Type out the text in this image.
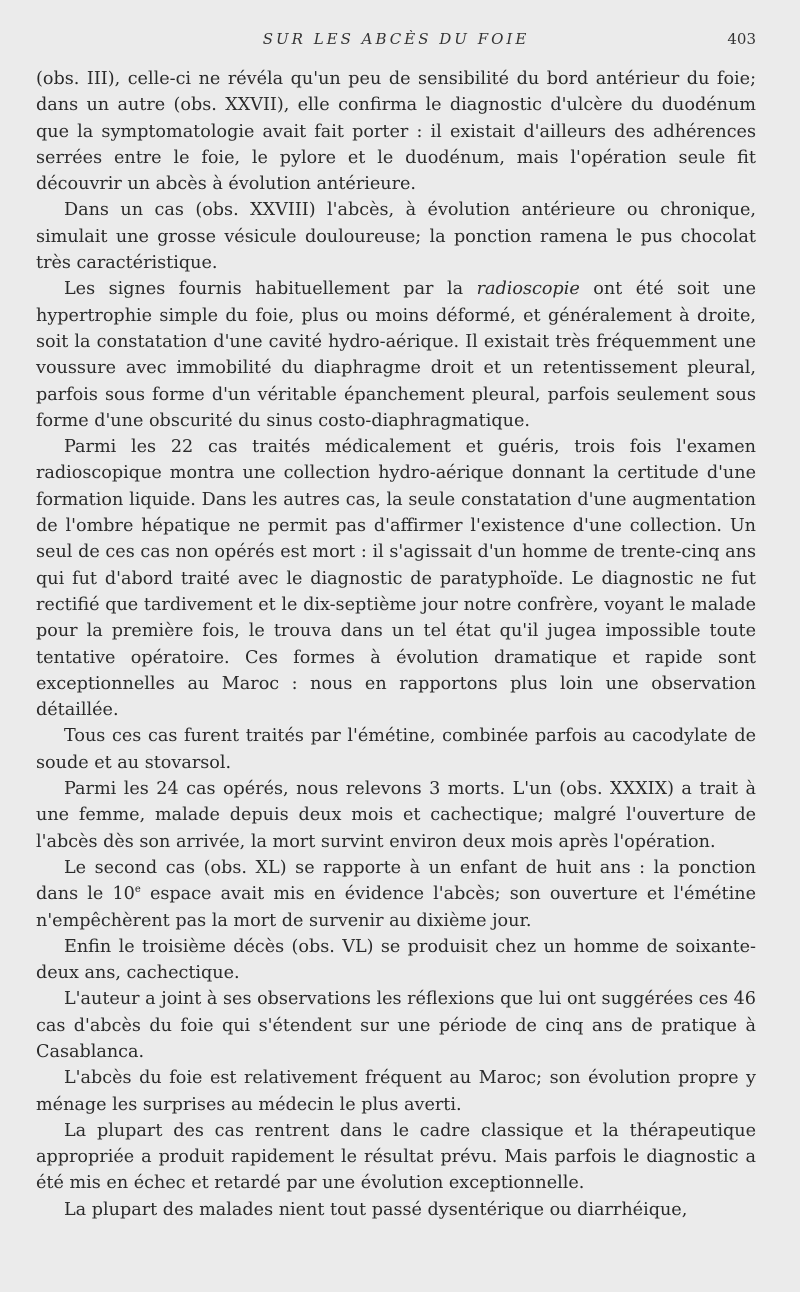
SUR LES ABCÈS DU FOIE	403

(obs. III), celle-ci ne révéla qu'un peu de sensibilité du bord antérieur du foie; dans un autre (obs. XXVII), elle confirma le diagnostic d'ulcère du duodénum que la symptomatologie avait fait porter : il existait d'ailleurs des adhérences serrées entre le foie, le pylore et le duodénum, mais l'opération seule fit découvrir un abcès à évolution antérieure.

Dans un cas (obs. XXVIII) l'abcès, à évolution antérieure ou chronique, simulait une grosse vésicule douloureuse; la ponction ramena le pus chocolat très caractéristique.

Les signes fournis habituellement par la radioscopie ont été soit une hypertrophie simple du foie, plus ou moins déformé, et généralement à droite, soit la constatation d'une cavité hydro-aérique. Il existait très fréquemment une voussure avec immobilité du diaphragme droit et un retentissement pleural, parfois sous forme d'un véritable épanchement pleural, parfois seulement sous forme d'une obscurité du sinus costo-diaphragmatique.

Parmi les 22 cas traités médicalement et guéris, trois fois l'examen radioscopique montra une collection hydro-aérique donnant la certitude d'une formation liquide. Dans les autres cas, la seule constatation d'une augmentation de l'ombre hépatique ne permit pas d'affirmer l'existence d'une collection. Un seul de ces cas non opérés est mort : il s'agissait d'un homme de trente-cinq ans qui fut d'abord traité avec le diagnostic de paratyphoïde. Le diagnostic ne fut rectifié que tardivement et le dix-septième jour notre confrère, voyant le malade pour la première fois, le trouva dans un tel état qu'il jugea impossible toute tentative opératoire. Ces formes à évolution dramatique et rapide sont exceptionnelles au Maroc : nous en rapportons plus loin une observation détaillée.

Tous ces cas furent traités par l'émétine, combinée parfois au cacodylate de soude et au stovarsol.

Parmi les 24 cas opérés, nous relevons 3 morts. L'un (obs. XXXIX) a trait à une femme, malade depuis deux mois et cachectique; malgré l'ouverture de l'abcès dès son arrivée, la mort survint environ deux mois après l'opération.

Le second cas (obs. XL) se rapporte à un enfant de huit ans : la ponction dans le 10e espace avait mis en évidence l'abcès; son ouverture et l'émétine n'empêchèrent pas la mort de survenir au dixième jour.

Enfin le troisième décès (obs. VL) se produisit chez un homme de soixante-deux ans, cachectique.

L'auteur a joint à ses observations les réflexions que lui ont suggérées ces 46 cas d'abcès du foie qui s'étendent sur une période de cinq ans de pratique à Casablanca.

L'abcès du foie est relativement fréquent au Maroc; son évolution propre y ménage les surprises au médecin le plus averti.

La plupart des cas rentrent dans le cadre classique et la thérapeutique appropriée a produit rapidement le résultat prévu. Mais parfois le diagnostic a été mis en échec et retardé par une évolution exceptionnelle.

La plupart des malades nient tout passé dysentérique ou diarrhéique,
